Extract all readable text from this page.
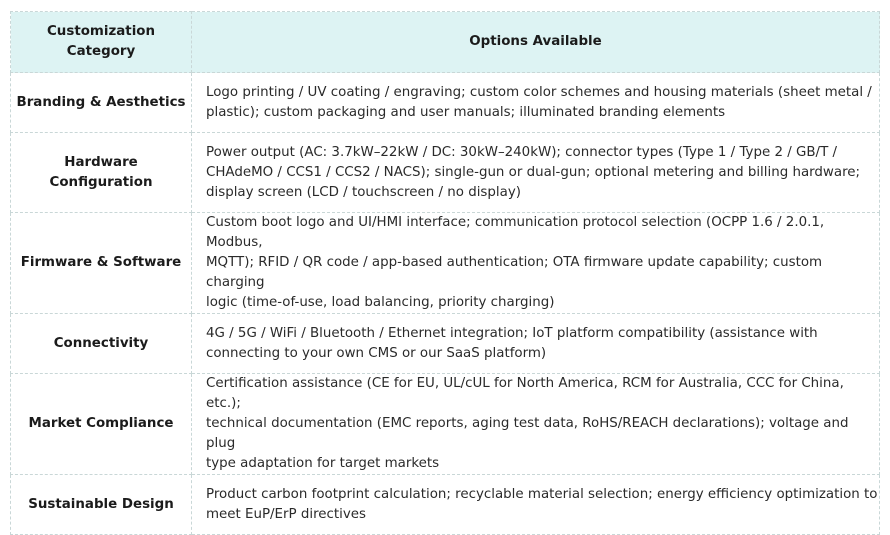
Customization
Category	Options Available
Branding & Aesthetics	Logo printing / UV coating / engraving; custom color schemes and housing materials (sheet metal /
plastic); custom packaging and user manuals; illuminated branding elements
Hardware
Configuration	Power output (AC: 3.7kW–22kW / DC: 30kW–240kW); connector types (Type 1 / Type 2 / GB/T /
CHAdeMO / CCS1 / CCS2 / NACS); single-gun or dual-gun; optional metering and billing hardware;
display screen (LCD / touchscreen / no display)
Firmware & Software	Custom boot logo and UI/HMI interface; communication protocol selection (OCPP 1.6 / 2.0.1, Modbus,
MQTT); RFID / QR code / app-based authentication; OTA firmware update capability; custom charging
logic (time-of-use, load balancing, priority charging)
Connectivity	4G / 5G / WiFi / Bluetooth / Ethernet integration; IoT platform compatibility (assistance with
connecting to your own CMS or our SaaS platform)
Market Compliance	Certification assistance (CE for EU, UL/cUL for North America, RCM for Australia, CCC for China, etc.);
technical documentation (EMC reports, aging test data, RoHS/REACH declarations); voltage and plug
type adaptation for target markets
Sustainable Design	Product carbon footprint calculation; recyclable material selection; energy efficiency optimization to
meet EuP/ErP directives
